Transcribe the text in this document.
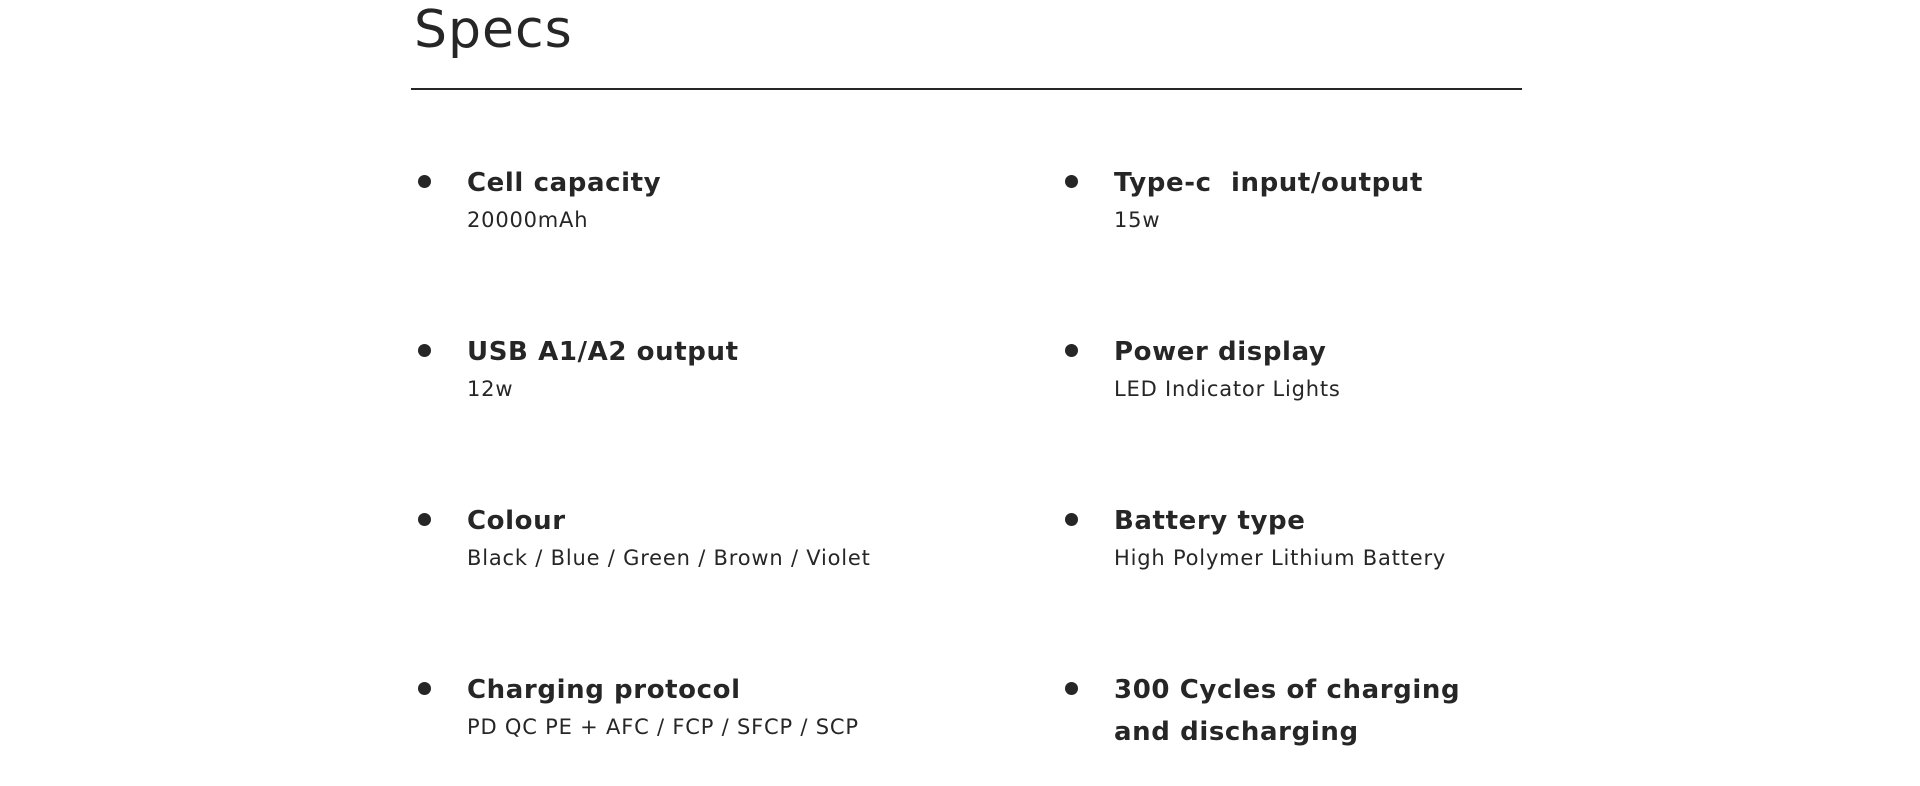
Specs
Cell capacity
20000mAh
Type-c  input/output
15w
USB A1/A2 output
12w
Power display
LED Indicator Lights
Colour
Black / Blue / Green / Brown / Violet
Battery type
High Polymer Lithium Battery
Charging protocol
PD QC PE + AFC / FCP / SFCP / SCP
300 Cycles of charging and discharging
